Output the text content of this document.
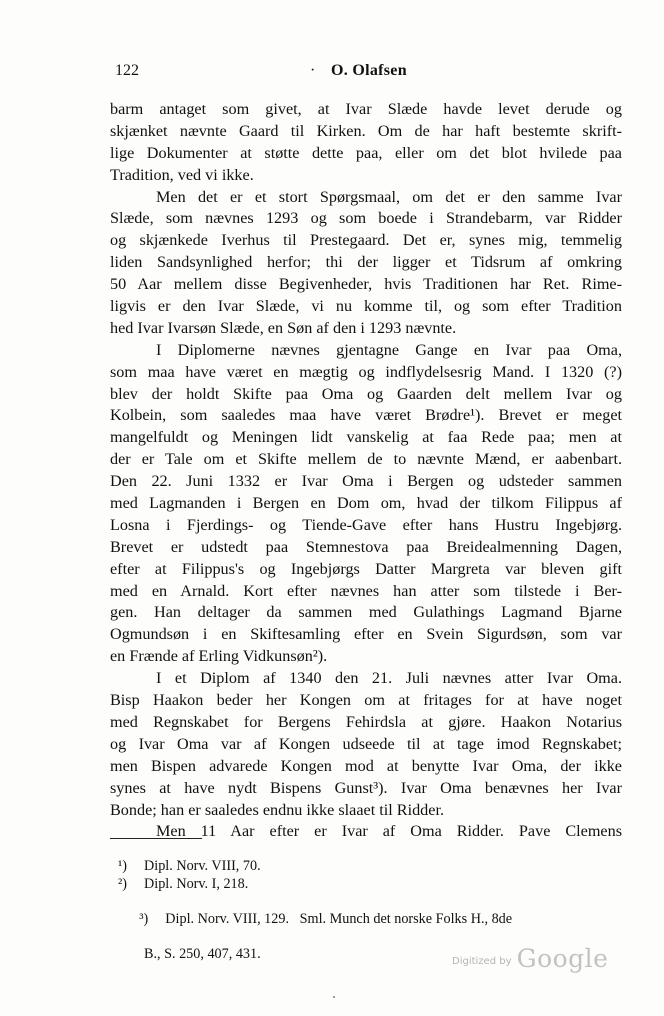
122	· O. Olafsen
barm antaget som givet, at Ivar Slæde havde levet derude og
skjænket nævnte Gaard til Kirken. Om de har haft bestemte skrift-
lige Dokumenter at støtte dette paa, eller om det blot hvilede paa
Tradition, ved vi ikke.
Men det er et stort Spørgsmaal, om det er den samme Ivar
Slæde, som nævnes 1293 og som boede i Strandebarm, var Ridder
og skjænkede Iverhus til Prestegaard. Det er, synes mig, temmelig
liden Sandsynlighed herfor; thi der ligger et Tidsrum af omkring
50 Aar mellem disse Begivenheder, hvis Traditionen har Ret. Rime-
ligvis er den Ivar Slæde, vi nu komme til, og som efter Tradition
hed Ivar Ivarsøn Slæde, en Søn af den i 1293 nævnte.
I Diplomerne nævnes gjentagne Gange en Ivar paa Oma,
som maa have været en mægtig og indflydelsesrig Mand. I 1320 (?)
blev der holdt Skifte paa Oma og Gaarden delt mellem Ivar og
Kolbein, som saaledes maa have været Brødre¹). Brevet er meget
mangelfuldt og Meningen lidt vanskelig at faa Rede paa; men at
der er Tale om et Skifte mellem de to nævnte Mænd, er aabenbart.
Den 22. Juni 1332 er Ivar Oma i Bergen og udsteder sammen
med Lagmanden i Bergen en Dom om, hvad der tilkom Filippus af
Losna i Fjerdings- og Tiende-Gave efter hans Hustru Ingebjørg.
Brevet er udstedt paa Stemnestova paa Breidealmenning Dagen,
efter at Filippus's og Ingebjørgs Datter Margreta var bleven gift
med en Arnald. Kort efter nævnes han atter som tilstede i Ber-
gen. Han deltager da sammen med Gulathings Lagmand Bjarne
Ogmundsøn i en Skiftesamling efter en Svein Sigurdsøn, som var
en Frænde af Erling Vidkunsøn²).
I et Diplom af 1340 den 21. Juli nævnes atter Ivar Oma.
Bisp Haakon beder her Kongen om at fritages for at have noget
med Regnskabet for Bergens Fehirdsla at gjøre. Haakon Notarius
og Ivar Oma var af Kongen udseede til at tage imod Regnskabet;
men Bispen advarede Kongen mod at benytte Ivar Oma, der ikke
synes at have nydt Bispens Gunst³). Ivar Oma benævnes her Ivar
Bonde; han er saaledes endnu ikke slaaet til Ridder.
Men 11 Aar efter er Ivar af Oma Ridder. Pave Clemens
¹) Dipl. Norv. VIII, 70.
²) Dipl. Norv. I, 218.

³) Dipl. Norv. VIII, 129.   Sml. Munch det norske Folks H., 8de

B., S. 250, 407, 431.	Digitized by Google
